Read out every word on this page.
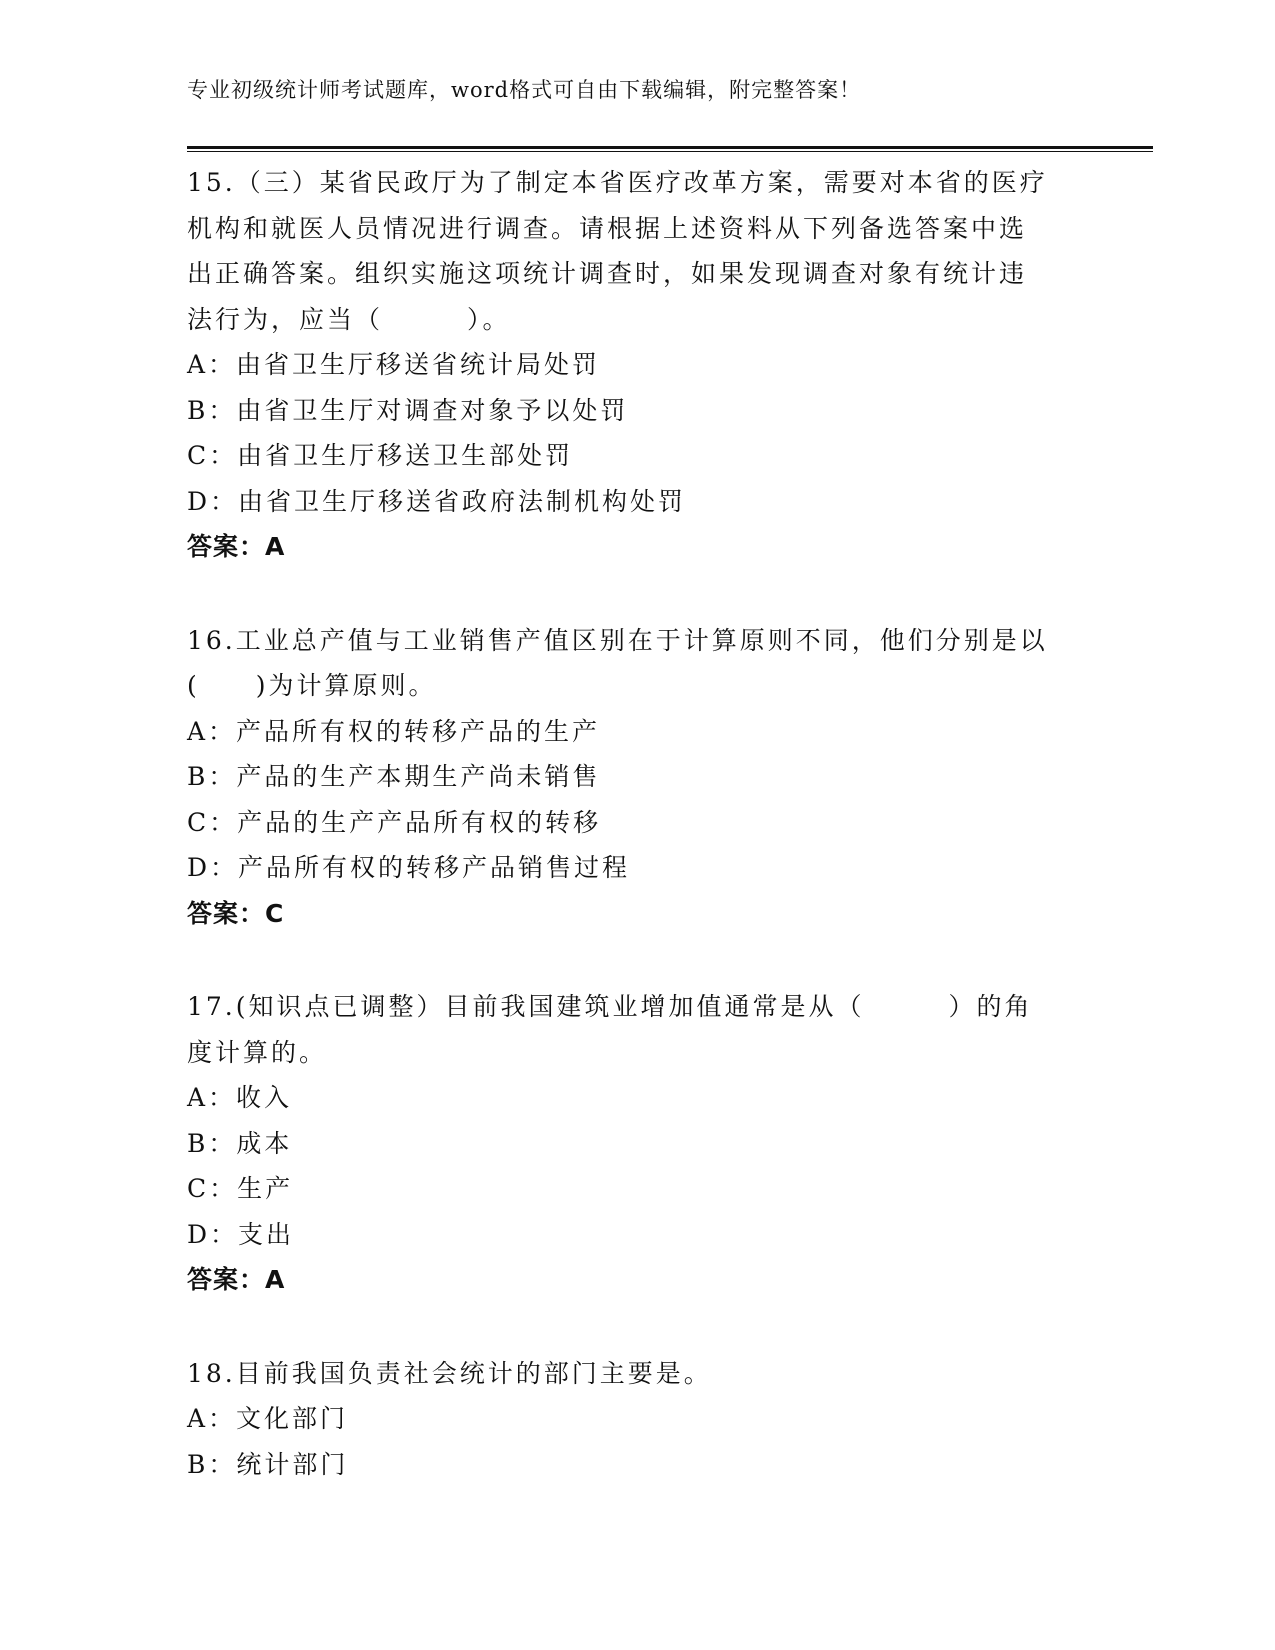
专业初级统计师考试题库，word格式可自由下载编辑，附完整答案！
15.（三）某省民政厅为了制定本省医疗改革方案，需要对本省的医疗
机构和就医人员情况进行调查。请根据上述资料从下列备选答案中选
出正确答案。组织实施这项统计调查时，如果发现调查对象有统计违
法行为，应当（　　　）。
A：由省卫生厅移送省统计局处罚
B：由省卫生厅对调查对象予以处罚
C：由省卫生厅移送卫生部处罚
D：由省卫生厅移送省政府法制机构处罚
答案：A
16.工业总产值与工业销售产值区别在于计算原则不同，他们分别是以
(　　)为计算原则。
A：产品所有权的转移产品的生产
B：产品的生产本期生产尚未销售
C：产品的生产产品所有权的转移
D：产品所有权的转移产品销售过程
答案：C
17.(知识点已调整）目前我国建筑业增加值通常是从（　　　）的角
度计算的。
A：收入
B：成本
C：生产
D：支出
答案：A
18.目前我国负责社会统计的部门主要是。
A：文化部门
B：统计部门
